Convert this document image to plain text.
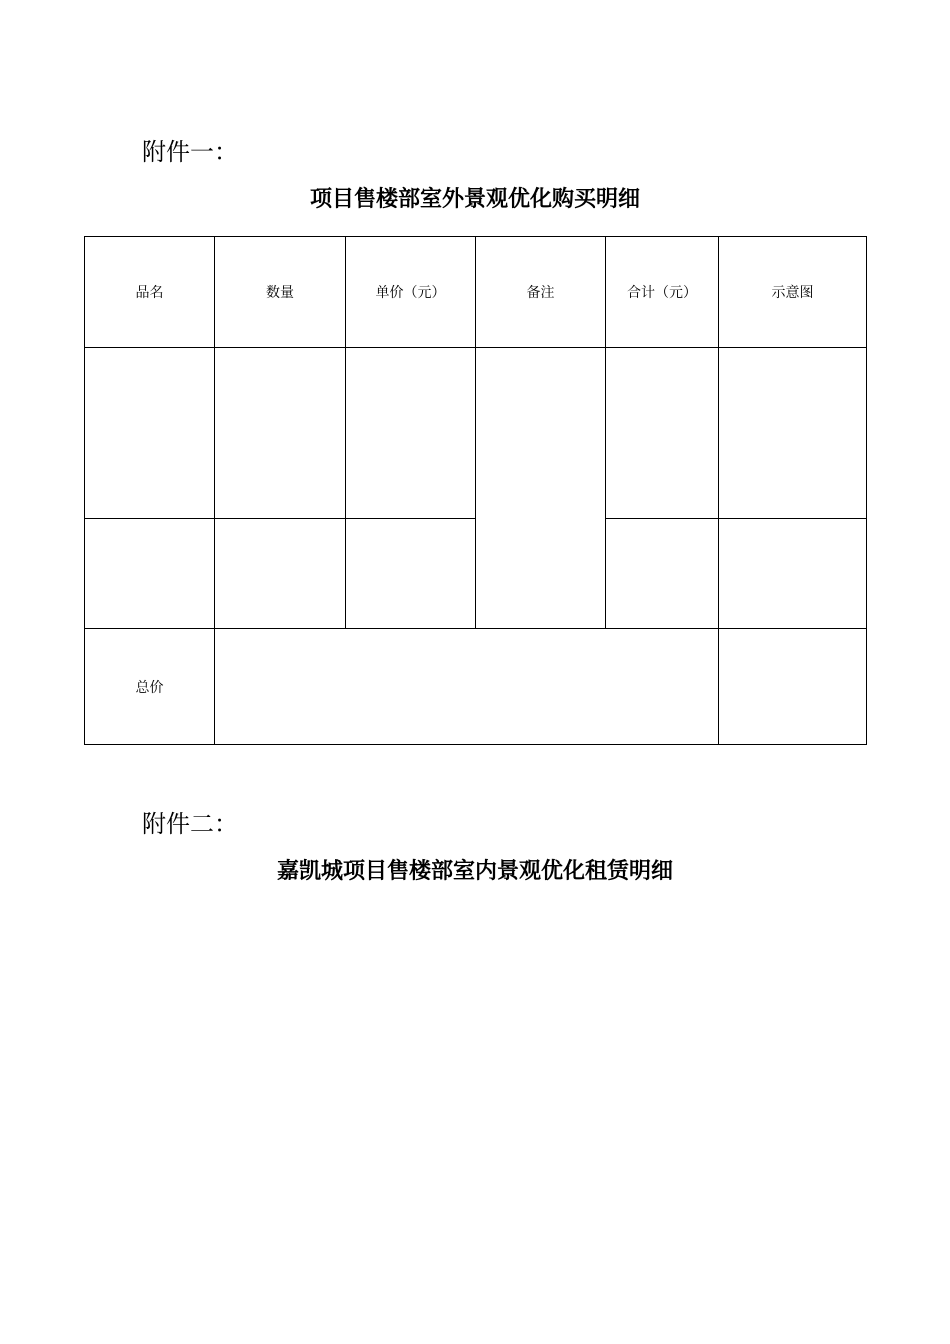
附件一：
项目售楼部室外景观优化购买明细
品名	数量	单价（元）	备注	合计（元）	示意图

总价					
附件二：
嘉凯城项目售楼部室内景观优化租赁明细
